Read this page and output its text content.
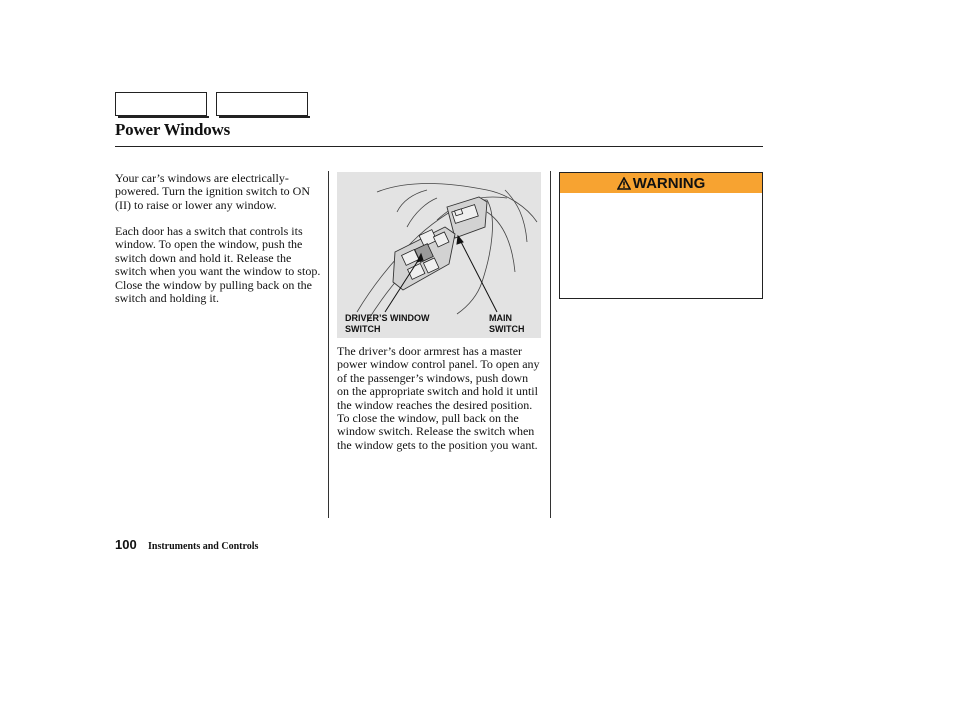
Power Windows

Your car’s windows are electrically-powered. Turn the ignition switch to ON (II) to raise or lower any window.

Each door has a switch that controls its window. To open the window, push the switch down and hold it. Release the switch when you want the window to stop. Close the window by pulling back on the switch and holding it.

DRIVER’S WINDOW
SWITCH
MAIN
SWITCH

The driver’s door armrest has a master power window control panel. To open any of the passenger’s windows, push down on the appropriate switch and hold it until the window reaches the desired position. To close the window, pull back on the window switch. Release the switch when the window gets to the position you want.

WARNING
100 Instruments and Controls
